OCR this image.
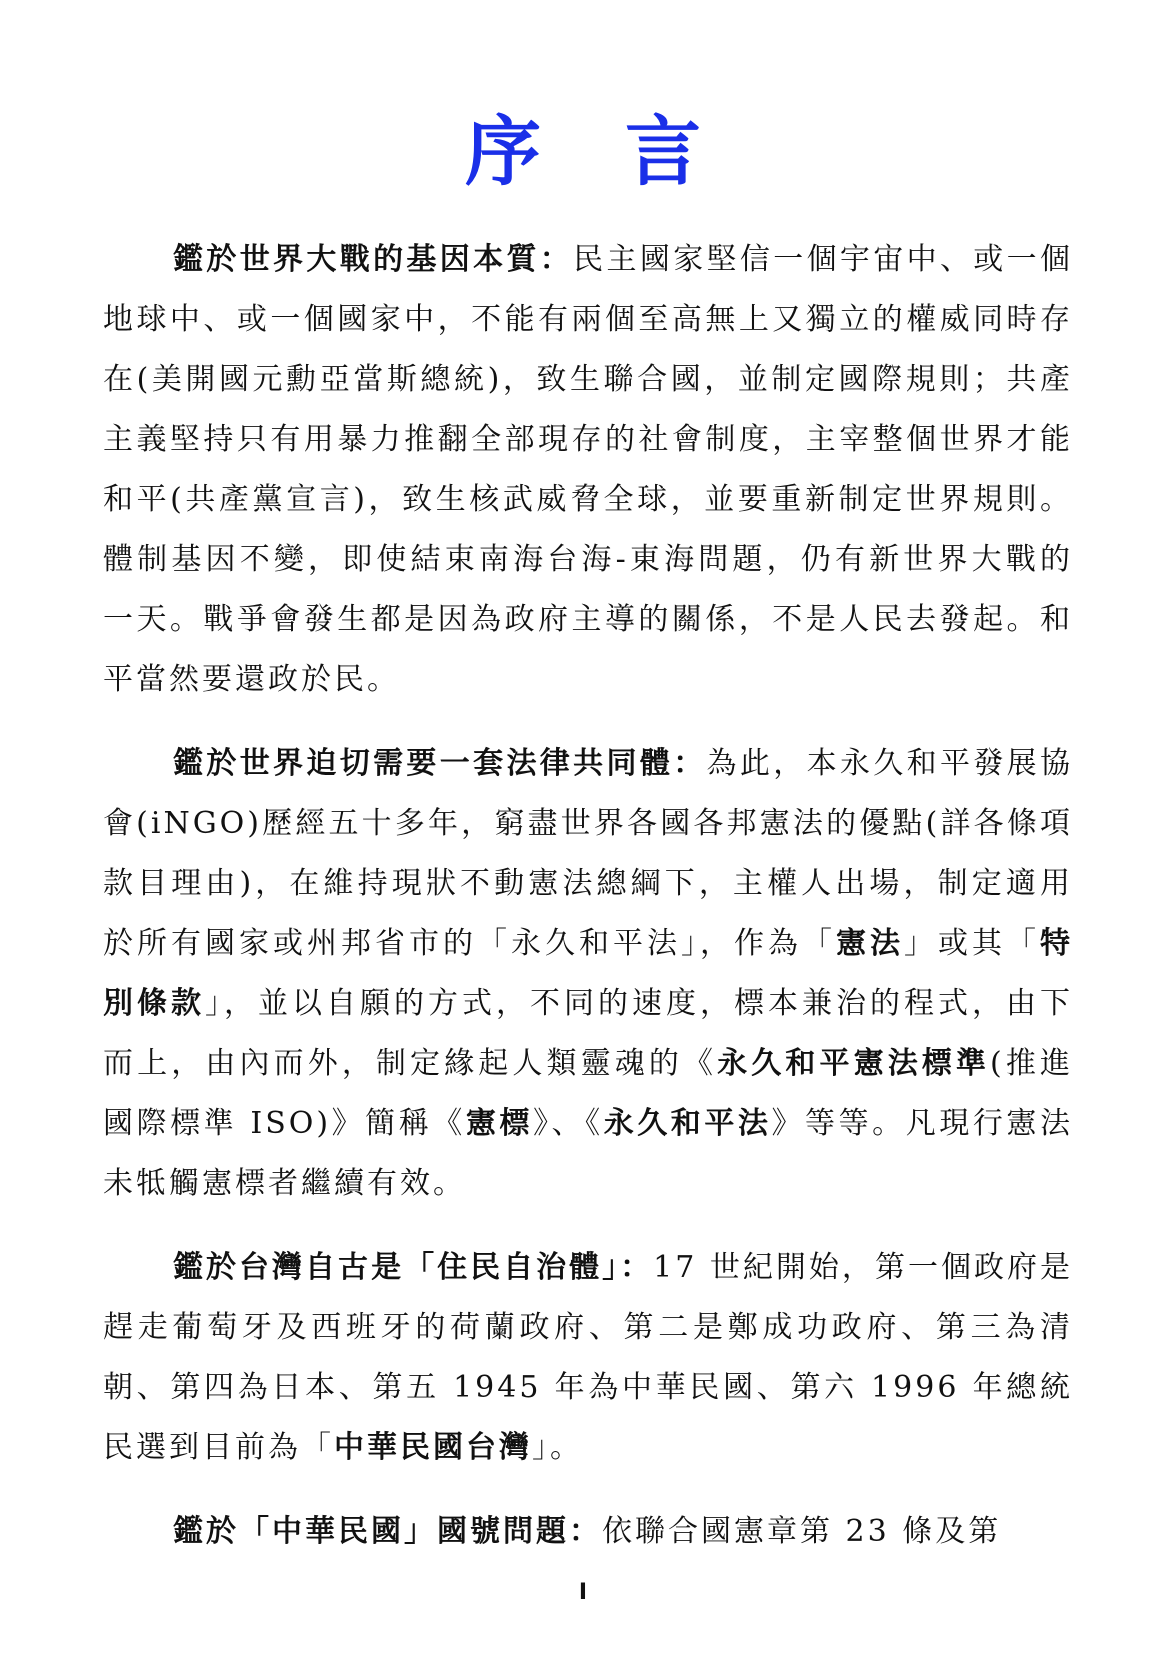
序言

鑑於世界大戰的基因本質：民主國家堅信一個宇宙中、或一個地球中、或一個國家中，不能有兩個至高無上又獨立的權威同時存在(美開國元勳亞當斯總統)，致生聯合國，並制定國際規則；共產主義堅持只有用暴力推翻全部現存的社會制度，主宰整個世界才能和平(共產黨宣言)，致生核武威脅全球，並要重新制定世界規則。體制基因不變，即使結束南海台海-東海問題，仍有新世界大戰的一天。戰爭會發生都是因為政府主導的關係，不是人民去發起。和平當然要還政於民。

鑑於世界迫切需要一套法律共同體：為此，本永久和平發展協會(iNGO)歷經五十多年，窮盡世界各國各邦憲法的優點(詳各條項款目理由)，在維持現狀不動憲法總綱下，主權人出場，制定適用於所有國家或州邦省市的「永久和平法」，作為「憲法」或其「特別條款」，並以自願的方式，不同的速度，標本兼治的程式，由下而上，由內而外，制定緣起人類靈魂的《永久和平憲法標準(推進國際標準 ISO)》簡稱《憲標》、《永久和平法》等等。凡現行憲法未牴觸憲標者繼續有效。

鑑於台灣自古是「住民自治體」：17 世紀開始，第一個政府是趕走葡萄牙及西班牙的荷蘭政府、第二是鄭成功政府、第三為清朝、第四為日本、第五 1945 年為中華民國、第六 1996 年總統民選到目前為「中華民國台灣」。

鑑於「中華民國」國號問題：依聯合國憲章第 23 條及第

I
